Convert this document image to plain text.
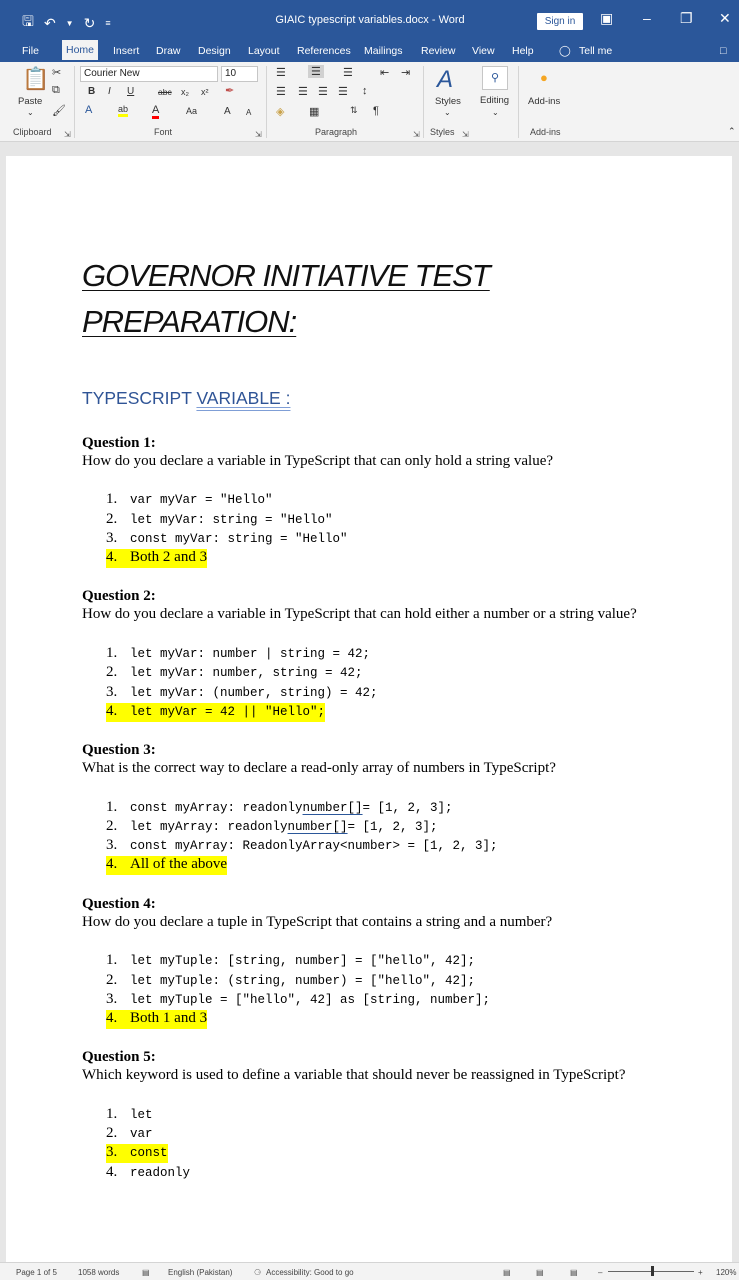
🖫 ↶ ▼ ↻ ≡	GIAIC typescript variables.docx - Word	Sign in	▣ – ❐ ✕
File	Home	Insert Draw Design Layout References Mailings Review View Help ◯ Tell me	□
📋
Paste
⌄
✂
⧉
🖌
Clipboard ⇲
Courier New	10
B I U	abc x₂ x² ✒
A	ab A	Aa	A A
Font	⇲
☰ ☰ ☰ ⇤ ⇥
☰ ☰ ☰ ☰ ↕
◈ ▦	⇅ ¶
Paragraph	⇲
A
Styles
⌄
Styles ⇲
⚲
Editing
⌄
●
Add-ins
Add-ins	⌃
GOVERNOR INITIATIVE TEST
PREPARATION:
TYPESCRIPT VARIABLE :
Question 1:
How do you declare a variable in TypeScript that can only hold a string value?
1.	var myVar = "Hello"
2.	let myVar: string = "Hello"
3.	const myVar: string = "Hello"
4. Both 2 and 3
Question 2:
How do you declare a variable in TypeScript that can hold either a number or a string value?
1.	let myVar: number | string = 42;
2.	let myVar: number, string = 42;
3.	let myVar: (number, string) = 42;
4.	let myVar = 42 || "Hello";
Question 3:
What is the correct way to declare a read-only array of numbers in TypeScript?
1.	const myArray: readonly number[] = [1, 2, 3];
2.	let myArray: readonly number[] = [1, 2, 3];
3.	const myArray: ReadonlyArray<number> = [1, 2, 3];
4. All of the above
Question 4:
How do you declare a tuple in TypeScript that contains a string and a number?
1.	let myTuple: [string, number] = ["hello", 42];
2.	let myTuple: (string, number) = ["hello", 42];
3.	let myTuple = ["hello", 42] as [string, number];
4. Both 1 and 3
Question 5:
Which keyword is used to define a variable that should never be reassigned in TypeScript?
1.	let
2.	var
3.	const
4.	readonly
Page 1 of 5	1058 words	▤ English (Pakistan)	⚆ Accessibility: Good to go	▤	▤	▤	–	+ 120%
